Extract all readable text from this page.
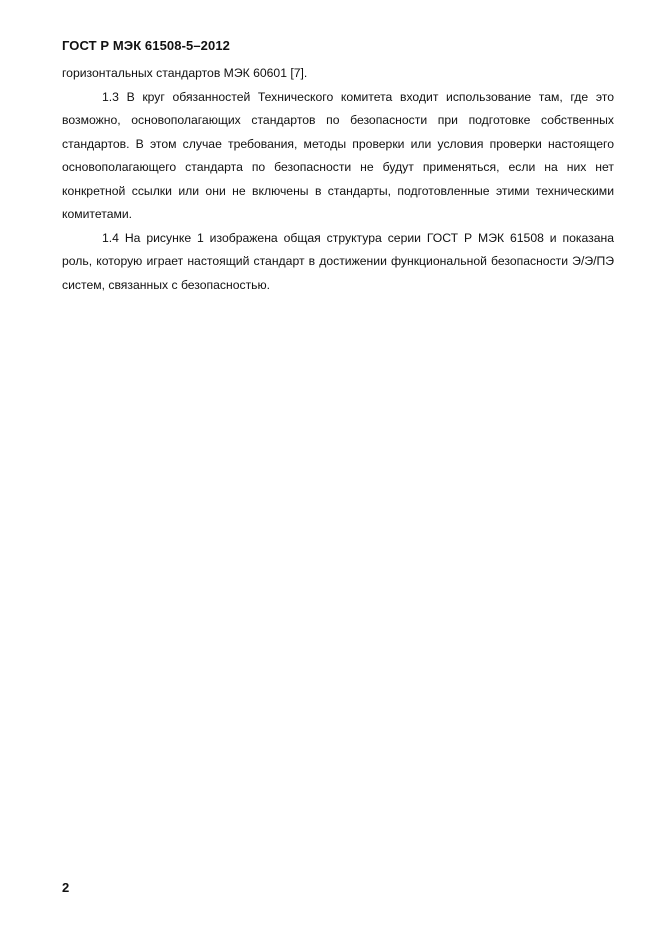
ГОСТ Р МЭК 61508-5–2012

горизонтальных стандартов МЭК 60601 [7].

1.3 В круг обязанностей Технического комитета входит использование там, где это возможно, основополагающих стандартов по безопасности при подготовке собственных стандартов. В этом случае требования, методы проверки или условия проверки настоящего основополагающего стандарта по безопасности не будут применяться, если на них нет конкретной ссылки или они не включены в стандарты, подготовленные этими техническими комитетами.

1.4 На рисунке 1 изображена общая структура серии ГОСТ Р МЭК 61508 и показана роль, которую играет настоящий стандарт в достижении функциональной безопасности Э/Э/ПЭ систем, связанных с безопасностью.

2
